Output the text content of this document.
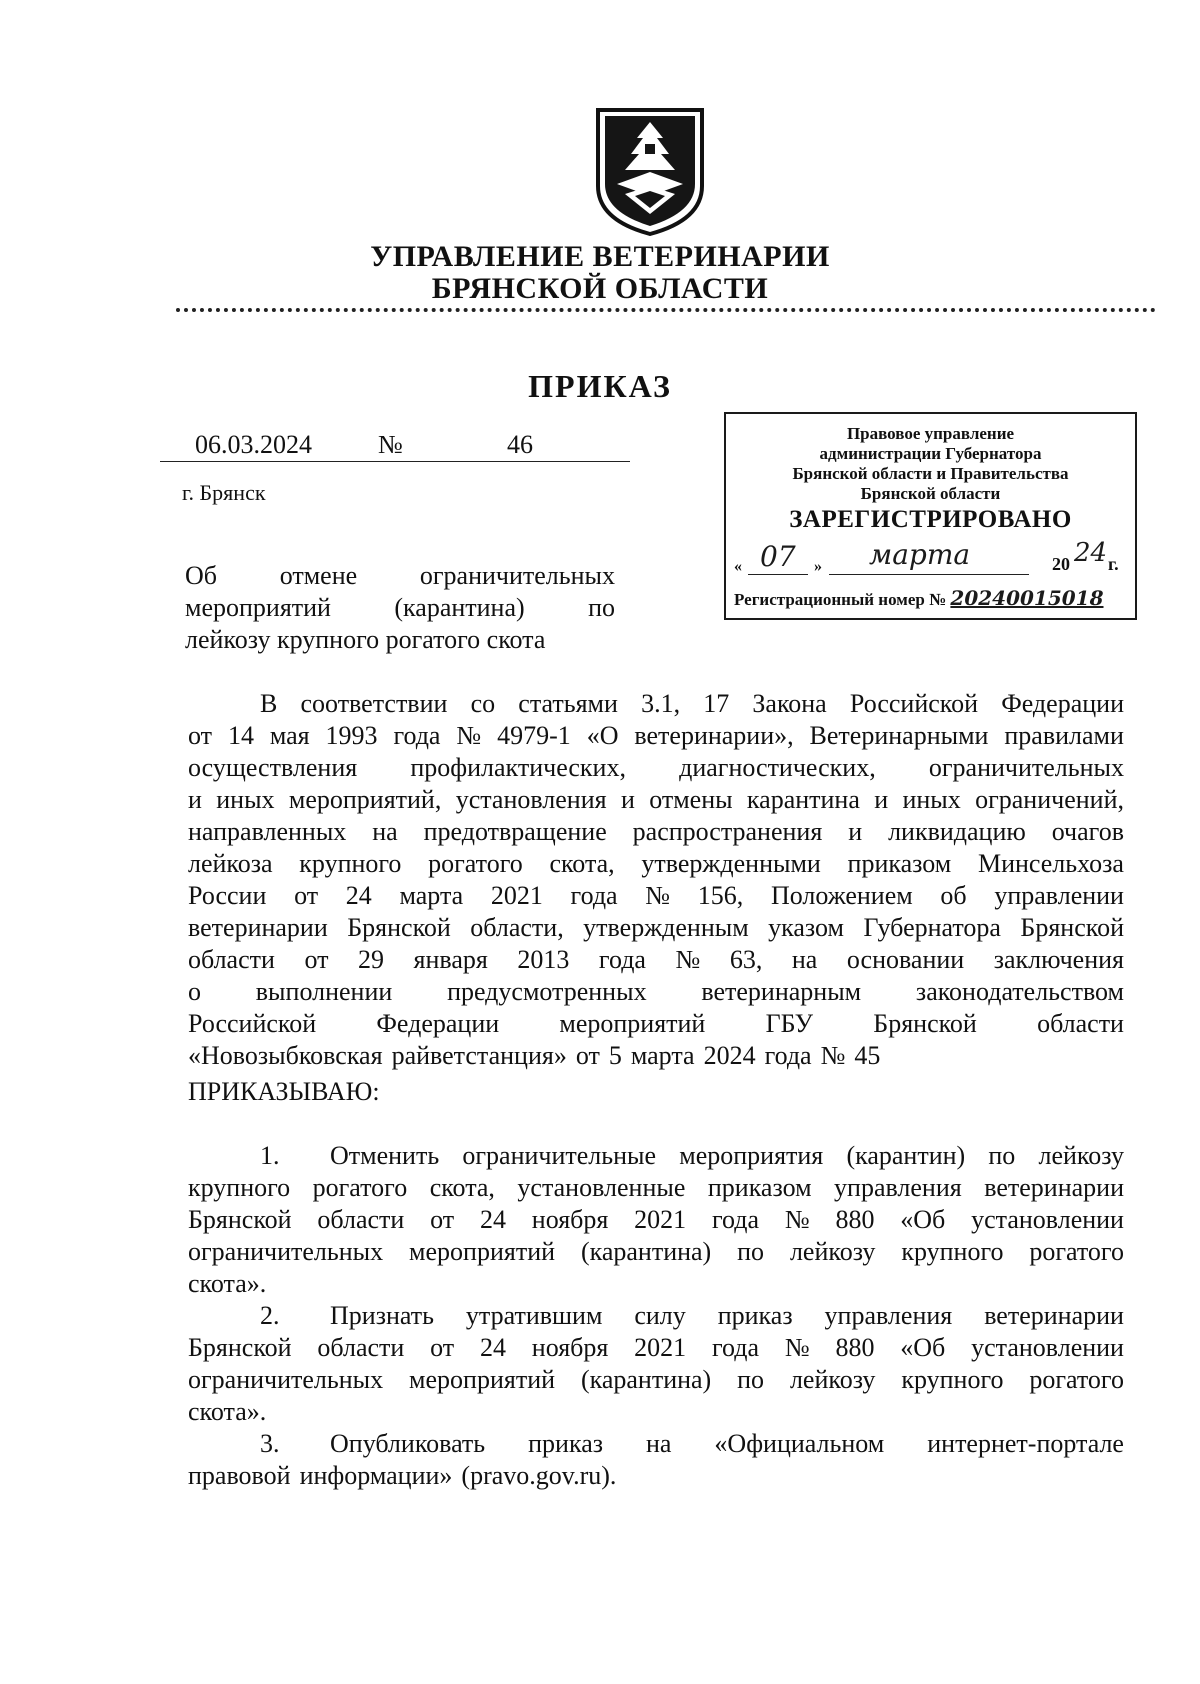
УПРАВЛЕНИЕ ВЕТЕРИНАРИИ
БРЯНСКОЙ ОБЛАСТИ
ПРИКАЗ
06.03.2024	№	46
г. Брянск
Правовое управление
администрации Губернатора
Брянской области и Правительства
Брянской области
ЗАРЕГИСТРИРОВАНО
« 07 » марта	20 24 г.
Регистрационный номер № 20240015018
Об отмене ограничительных
мероприятий (карантина) по
лейкозу крупного рогатого скота
В соответствии со статьями 3.1, 17 Закона Российской Федерации
от 14 мая 1993 года № 4979-1 «О ветеринарии», Ветеринарными правилами
осуществления профилактических, диагностических, ограничительных
и иных мероприятий, установления и отмены карантина и иных ограничений,
направленных на предотвращение распространения и ликвидацию очагов
лейкоза крупного рогатого скота, утвержденными приказом Минсельхоза
России от 24 марта 2021 года № 156, Положением об управлении
ветеринарии Брянской области, утвержденным указом Губернатора Брянской
области от 29 января 2013 года № 63, на основании заключения
о выполнении предусмотренных ветеринарным законодательством
Российской Федерации мероприятий ГБУ Брянской области
«Новозыбковская райветстанция» от 5 марта 2024 года № 45
ПРИКАЗЫВАЮ:
1.	Отменить ограничительные мероприятия (карантин) по лейкозу
крупного рогатого скота, установленные приказом управления ветеринарии
Брянской области от 24 ноября 2021 года № 880 «Об установлении
ограничительных мероприятий (карантина) по лейкозу крупного рогатого
скота».
2.	Признать утратившим силу приказ управления ветеринарии
Брянской области от 24 ноября 2021 года № 880 «Об установлении
ограничительных мероприятий (карантина) по лейкозу крупного рогатого
скота».
3.	Опубликовать приказ на «Официальном интернет-портале
правовой информации» (pravo.gov.ru).
